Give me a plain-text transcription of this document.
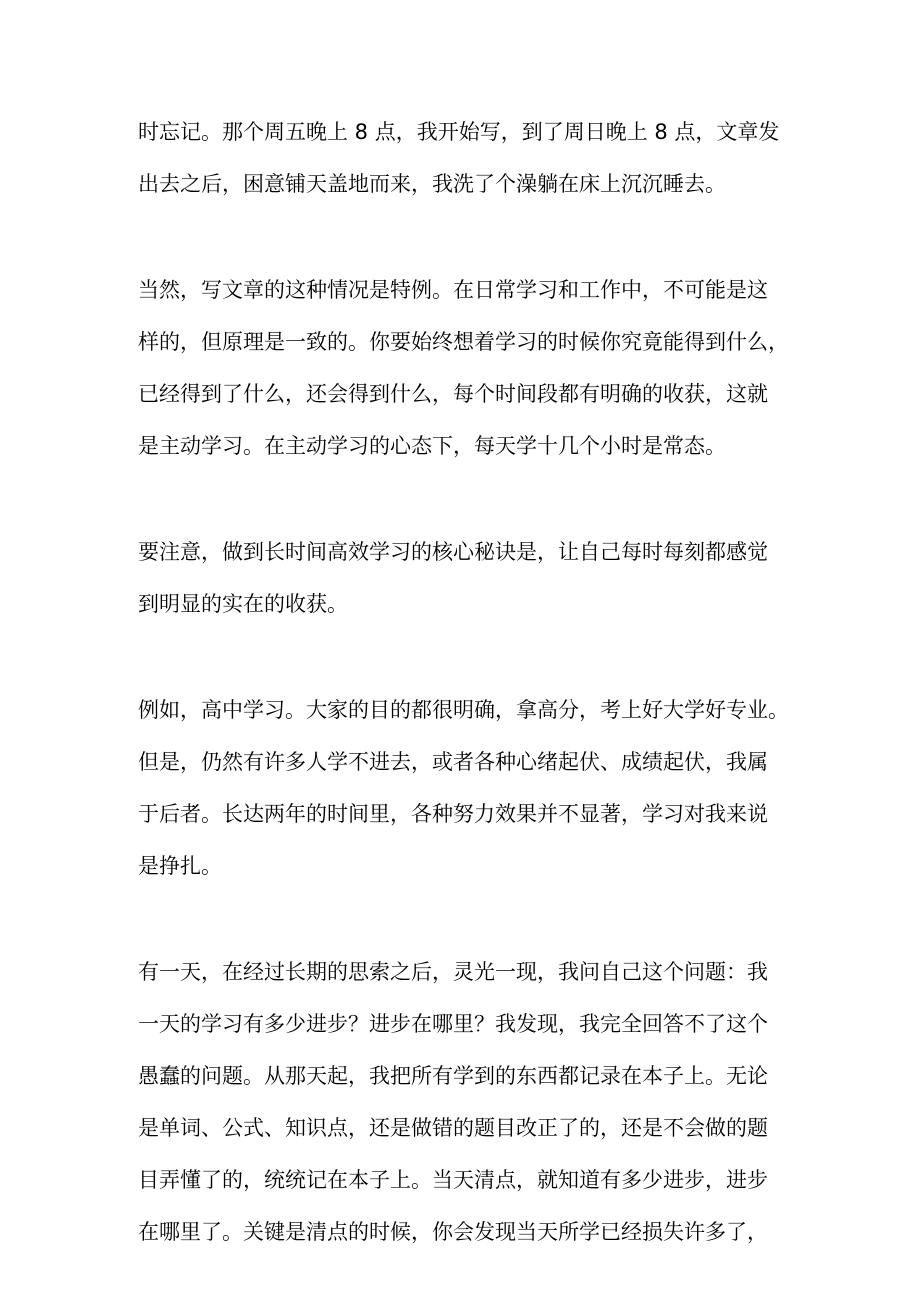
时忘记。那个周五晚上 8 点，我开始写，到了周日晚上 8 点，文章发
出去之后，困意铺天盖地而来，我洗了个澡躺在床上沉沉睡去。

当然，写文章的这种情况是特例。在日常学习和工作中，不可能是这
样的，但原理是一致的。你要始终想着学习的时候你究竟能得到什么，
已经得到了什么，还会得到什么，每个时间段都有明确的收获，这就
是主动学习。在主动学习的心态下，每天学十几个小时是常态。

要注意，做到长时间高效学习的核心秘诀是，让自己每时每刻都感觉
到明显的实在的收获。

例如，高中学习。大家的目的都很明确，拿高分，考上好大学好专业。
但是，仍然有许多人学不进去，或者各种心绪起伏、成绩起伏，我属
于后者。长达两年的时间里，各种努力效果并不显著，学习对我来说
是挣扎。

有一天，在经过长期的思索之后，灵光一现，我问自己这个问题：我
一天的学习有多少进步？进步在哪里？我发现，我完全回答不了这个
愚蠢的问题。从那天起，我把所有学到的东西都记录在本子上。无论
是单词、公式、知识点，还是做错的题目改正了的，还是不会做的题
目弄懂了的，统统记在本子上。当天清点，就知道有多少进步，进步
在哪里了。关键是清点的时候，你会发现当天所学已经损失许多了，
